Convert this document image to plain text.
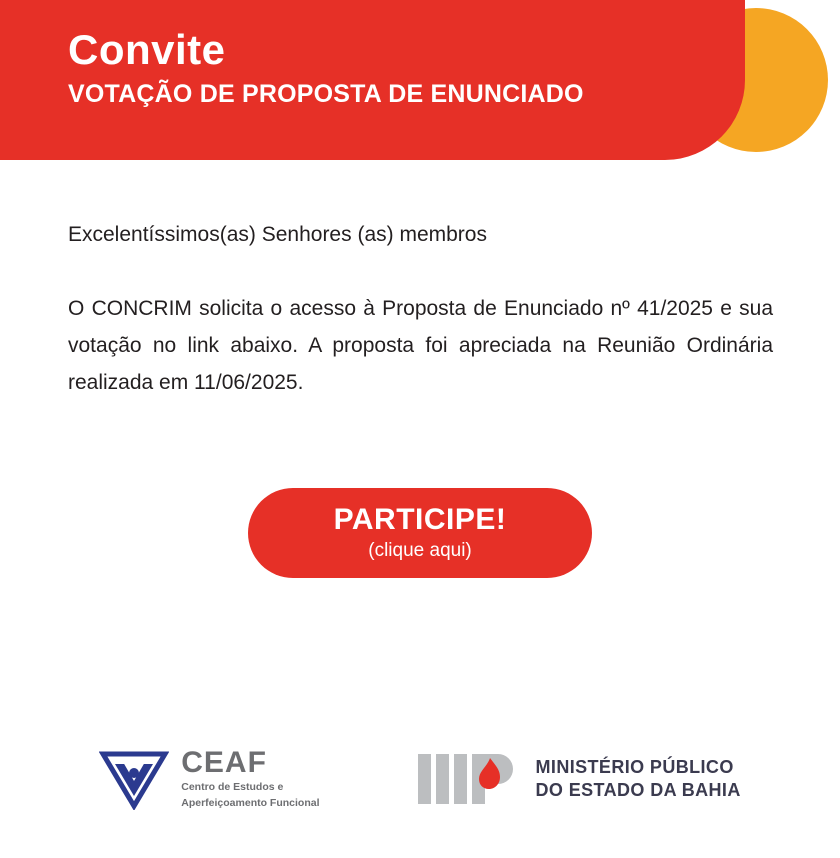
Convite
VOTAÇÃO DE PROPOSTA DE ENUNCIADO

Excelentíssimos(as) Senhores (as) membros

O CONCRIM solicita o acesso à Proposta de Enunciado nº 41/2025 e sua votação no link abaixo. A proposta foi apreciada na Reunião Ordinária realizada em 11/06/2025.

PARTICIPE!
(clique aqui)
CEAF
Centro de Estudos e
Aperfeiçoamento Funcional
MINISTÉRIO PÚBLICO
DO ESTADO DA BAHIA
